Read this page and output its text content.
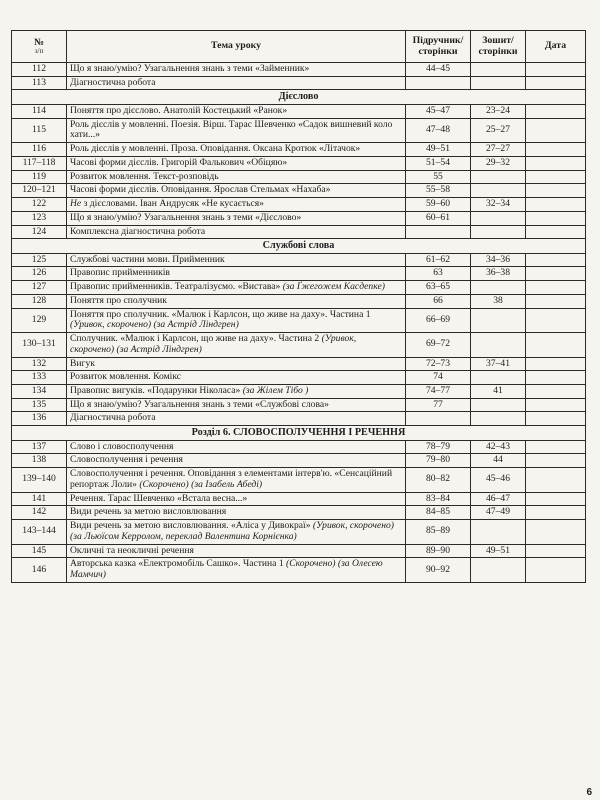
№
з/п	Тема уроку	Підручник/ сторінки	Зошит/ сторінки	Дата
112	Що я знаю/умію? Узагальнення знань з теми «Займенник»	44–45		
113	Діагностична робота			
Дієслово				
114	Поняття про дієслово. Анатолій Костецький «Ранок»	45–47	23–24	
115	Роль дієслів у мовленні. Поезія. Вірш. Тарас Шевченко «Садок вишневий коло хати...»	47–48	25–27	
116	Роль дієслів у мовленні. Проза. Оповідання. Оксана Кротюк «Літачок»	49–51	27–27	
117–118	Часові форми дієслів. Григорій Фалькович «Обіцяю»	51–54	29–32	
119	Розвиток мовлення. Текст-розповідь	55		
120–121	Часові форми дієслів. Оповідання. Ярослав Стельмах «Нахаба»	55–58		
122	Не з дієсловами. Іван Андрусяк «Не кусається»	59–60	32–34	
123	Що я знаю/умію? Узагальнення знань з теми «Дієслово»	60–61		
124	Комплексна діагностична робота			
Службові слова				
125	Службові частини мови. Прийменник	61–62	34–36	
126	Правопис прийменників	63	36–38	
127	Правопис прийменників. Театралізуємо. «Вистава» (за Ґжегожем Касдепке)	63–65		
128	Поняття про сполучник	66	38	
129	Поняття про сполучник. «Малюк і Карлсон, що живе на даху». Частина 1 (Уривок, скорочено) (за Астрід Ліндгрен)	66–69		
130–131	Сполучник. «Малюк і Карлсон, що живе на даху». Частина 2 (Уривок, скорочено) (за Астрід Ліндгрен)	69–72		
132	Вигук	72–73	37–41	
133	Розвиток мовлення. Комікс	74		
134	Правопис вигуків. «Подарунки Ніколаса» (за Жілем Тібо )	74–77	41	
135	Що я знаю/умію? Узагальнення знань з теми «Службові слова»	77		
136	Діагностична робота			
Розділ 6. СЛОВОСПОЛУЧЕННЯ І РЕЧЕННЯ				
137	Слово і словосполучення	78–79	42–43	
138	Словосполучення і речення	79–80	44	
139–140	Словосполучення і речення. Оповідання з елементами інтерв'ю. «Сенсаційний репортаж Лоли» (Скорочено) (за Ізабель Абеді)	80–82	45–46	
141	Речення. Тарас Шевченко «Встала весна...»	83–84	46–47	
142	Види речень за метою висловлювання	84–85	47–49	
143–144	Види речень за метою висловлювання. «Аліса у Дивокраї» (Уривок, скорочено) (за Льюїсом Керролом, переклад Валентина Корнієнка)	85–89		
145	Окличні та неокличні речення	89–90	49–51	
146	Авторська казка «Електромобіль Сашко». Частина 1 (Скорочено) (за Олесею Мамчич)	90–92		
6
